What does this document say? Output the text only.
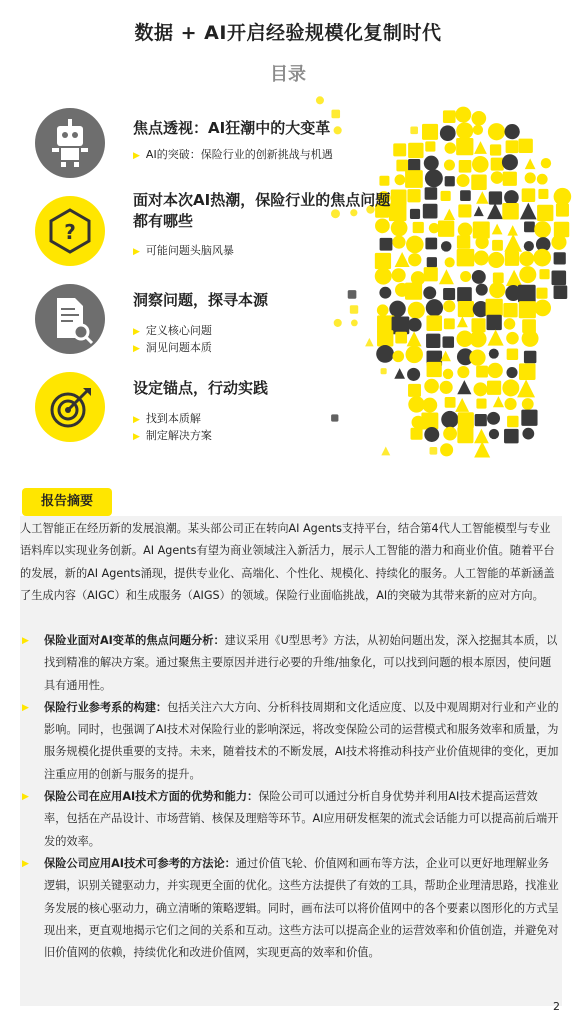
数据 + AI开启经验规模化复制时代
目录
焦点透视：AI狂潮中的大变革
▶ AI的突破：保险行业的创新挑战与机遇
?
面对本次AI热潮，保险行业的焦点问题都有哪些
▶ 可能问题头脑风暴
洞察问题，探寻本源
▶ 定义核心问题
▶ 洞见问题本质
设定锚点，行动实践
▶ 找到本质解
▶ 制定解决方案
报告摘要
人工智能正在经历新的发展浪潮。某头部公司正在转向AI Agents支持平台，结合第4代人工智能模型与专业语料库以实现业务创新。AI Agents有望为商业领域注入新活力，展示人工智能的潜力和商业价值。随着平台的发展，新的AI Agents涌现，提供专业化、高端化、个性化、规模化、持续化的服务。人工智能的革新涵盖了生成内容（AIGC）和生成服务（AIGS）的领域。保险行业面临挑战，AI的突破为其带来新的应对方向。
▶ 保险业面对AI变革的焦点问题分析：建议采用《U型思考》方法，从初始问题出发，深入挖掘其本质，以找到精准的解决方案。通过聚焦主要原因并进行必要的升维/抽象化，可以找到问题的根本原因，使问题具有通用性。
▶ 保险行业参考系的构建：包括关注六大方向、分析科技周期和文化适应度、以及中观周期对行业和产业的影响。同时，也强调了AI技术对保险行业的影响深远，将改变保险公司的运营模式和服务效率和质量，为服务规模化提供重要的支持。未来，随着技术的不断发展，AI技术将推动科技产业价值规律的变化，更加注重应用的创新与服务的提升。
▶ 保险公司在应用AI技术方面的优势和能力：保险公司可以通过分析自身优势并利用AI技术提高运营效率，包括在产品设计、市场营销、核保及理赔等环节。AI应用研发框架的流式会话能力可以提高前后端开发的效率。
▶ 保险公司应用AI技术可参考的方法论：通过价值飞轮、价值网和画布等方法，企业可以更好地理解业务逻辑，识别关键驱动力，并实现更全面的优化。这些方法提供了有效的工具，帮助企业理清思路，找准业务发展的核心驱动力，确立清晰的策略逻辑。同时，画布法可以将价值网中的各个要素以图形化的方式呈现出来，更直观地揭示它们之间的关系和互动。这些方法可以提高企业的运营效率和价值创造，并避免对旧价值网的依赖，持续优化和改进价值网，实现更高的效率和价值。
2
